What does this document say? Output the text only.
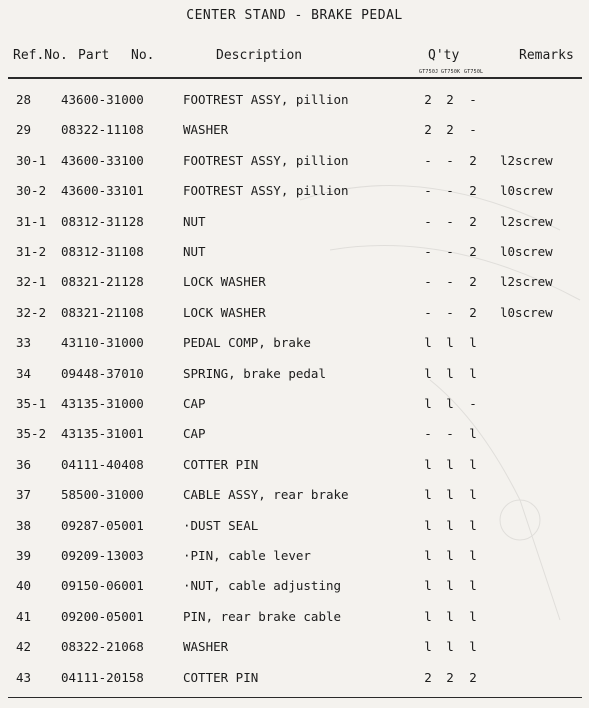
CENTER STAND - BRAKE PEDAL
Ref.No. Part No.	Description	Q'ty	Remarks
GT750J GT750K GT750L
28 43600-31000	FOOTREST ASSY, pillion	2 2 -
29 08322-11108	WASHER	2 2 -
30-1 43600-33100	FOOTREST ASSY, pillion	- - 2 l2screw
30-2 43600-33101	FOOTREST ASSY, pillion	- - 2 l0screw
31-1 08312-31128	NUT	- - 2 l2screw
31-2 08312-31108	NUT	- - 2 l0screw
32-1 08321-21128	LOCK WASHER	- - 2 l2screw
32-2 08321-21108	LOCK WASHER	- - 2 l0screw
33 43110-31000	PEDAL COMP, brake	l l l
34 09448-37010	SPRING, brake pedal	l l l
35-1 43135-31000	CAP	l l -
35-2 43135-31001	CAP	- - l
36 04111-40408	COTTER PIN	l l l
37 58500-31000	CABLE ASSY, rear brake	l l l
38 09287-05001	·DUST SEAL	l l l
39 09209-13003	·PIN, cable lever	l l l
40 09150-06001	·NUT, cable adjusting	l l l
41 09200-05001	PIN, rear brake cable	l l l
42 08322-21068	WASHER	l l l
43 04111-20158	COTTER PIN	2 2 2
